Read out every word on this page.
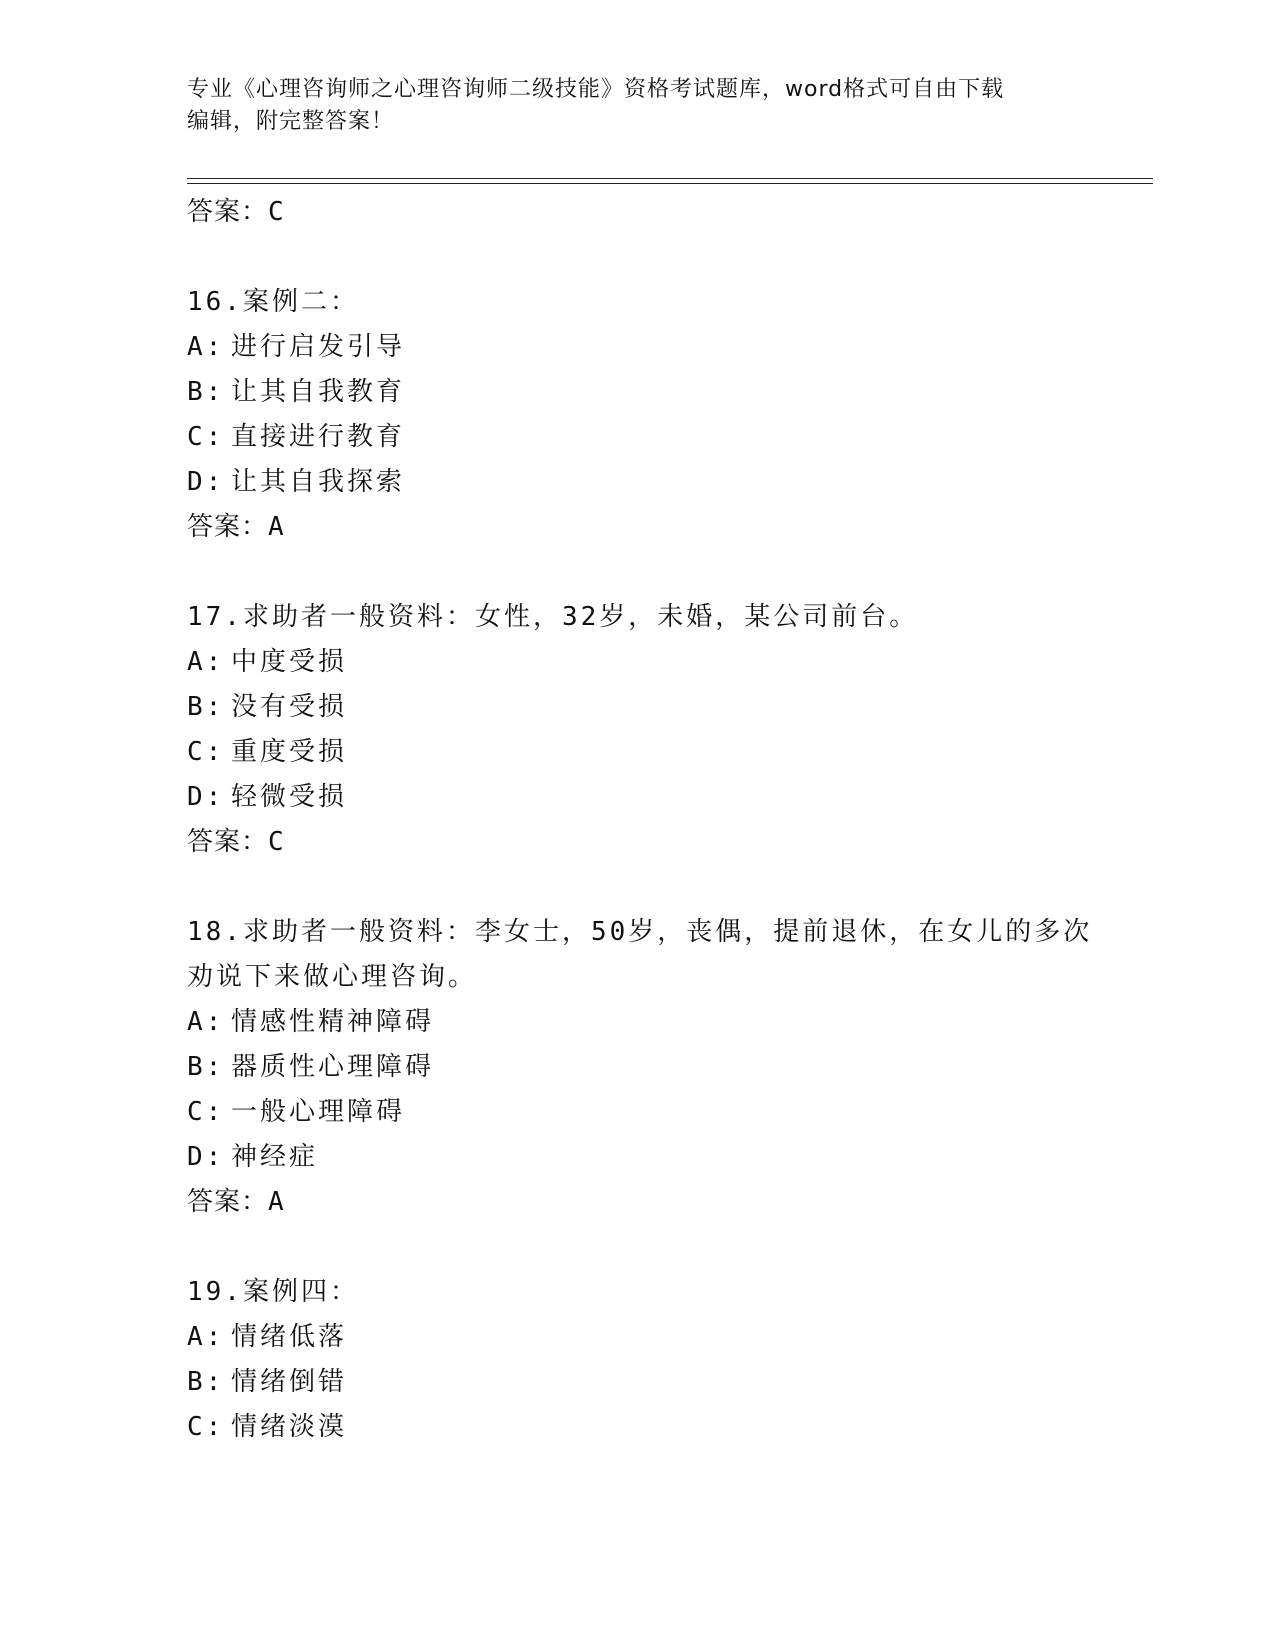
专业《心理咨询师之心理咨询师二级技能》资格考试题库，word格式可自由下载
编辑，附完整答案！
答案：C
16.案例二：
A: 进行启发引导
B: 让其自我教育
C: 直接进行教育
D: 让其自我探索
答案：A
17.求助者一般资料：女性，32岁，未婚，某公司前台。
A: 中度受损
B: 没有受损
C: 重度受损
D: 轻微受损
答案：C
18.求助者一般资料：李女士，50岁，丧偶，提前退休，在女儿的多次
劝说下来做心理咨询。
A: 情感性精神障碍
B: 器质性心理障碍
C: 一般心理障碍
D: 神经症
答案：A
19.案例四：
A: 情绪低落
B: 情绪倒错
C: 情绪淡漠
